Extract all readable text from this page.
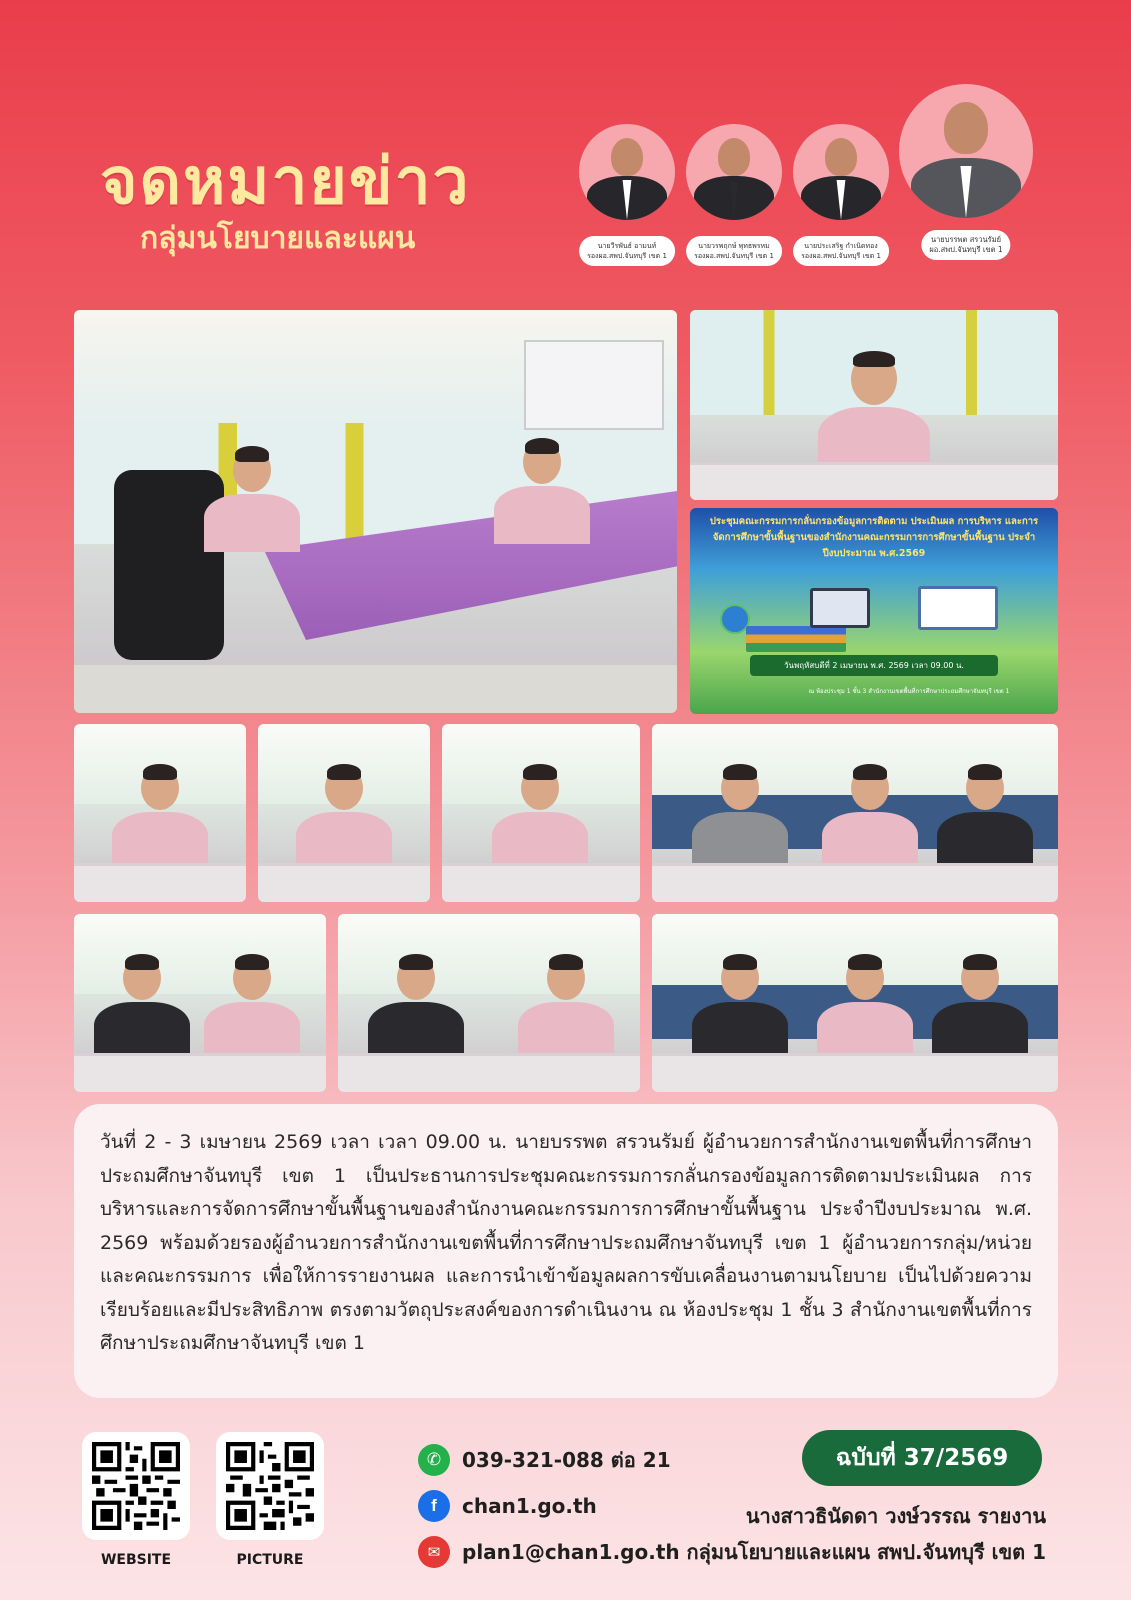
จดหมายข่าว
กลุ่มนโยบายและแผน	นายวีรพันธ์ อามนท์
รองผอ.สพป.จันทบุรี เขต 1
นายวรพฤกษ์ พุทธพรหม
รองผอ.สพป.จันทบุรี เขต 1
นายประเสริฐ กำเนิดทอง
รองผอ.สพป.จันทบุรี เขต 1
นายบรรพต สรวนรัมย์
ผอ.สพป.จันทบุรี เขต 1
ประชุมคณะกรรมการกลั่นกรองข้อมูลการติดตาม ประเมินผล การบริหาร และการจัดการศึกษาขั้นพื้นฐานของสำนักงานคณะกรรมการการศึกษาขั้นพื้นฐาน ประจำปีงบประมาณ พ.ศ.2569
วันพฤหัสบดีที่ 2 เมษายน พ.ศ. 2569 เวลา 09.00 น.
ณ ห้องประชุม 1 ชั้น 3 สำนักงานเขตพื้นที่การศึกษาประถมศึกษาจันทบุรี เขต 1

วันที่ 2 - 3 เมษายน 2569 เวลา เวลา 09.00 น. นายบรรพต สรวนรัมย์ ผู้อำนวยการสำนักงานเขตพื้นที่การศึกษาประถมศึกษาจันทบุรี เขต 1 เป็นประธานการประชุมคณะกรรมการกลั่นกรองข้อมูลการติดตามประเมินผล การบริหารและการจัดการศึกษาขั้นพื้นฐานของสำนักงานคณะกรรมการการศึกษาขั้นพื้นฐาน ประจำปีงบประมาณ พ.ศ. 2569 พร้อมด้วยรองผู้อำนวยการสำนักงานเขตพื้นที่การศึกษาประถมศึกษาจันทบุรี เขต 1 ผู้อำนวยการกลุ่ม/หน่วย และคณะกรรมการ เพื่อให้การรายงานผล และการนำเข้าข้อมูลผลการขับเคลื่อนงานตามนโยบาย เป็นไปด้วยความเรียบร้อยและมีประสิทธิภาพ ตรงตามวัตถุประสงค์ของการดำเนินงาน ณ ห้องประชุม 1 ชั้น 3 สำนักงานเขตพื้นที่การศึกษาประถมศึกษาจันทบุรี เขต 1

WEBSITE	PICTURE
✆	039-321-088 ต่อ 21
f	chan1.go.th
✉	plan1@chan1.go.th
ฉบับที่ 37/2569
นางสาวธินัดดา วงษ์วรรณ รายงาน
กลุ่มนโยบายและแผน สพป.จันทบุรี เขต 1
